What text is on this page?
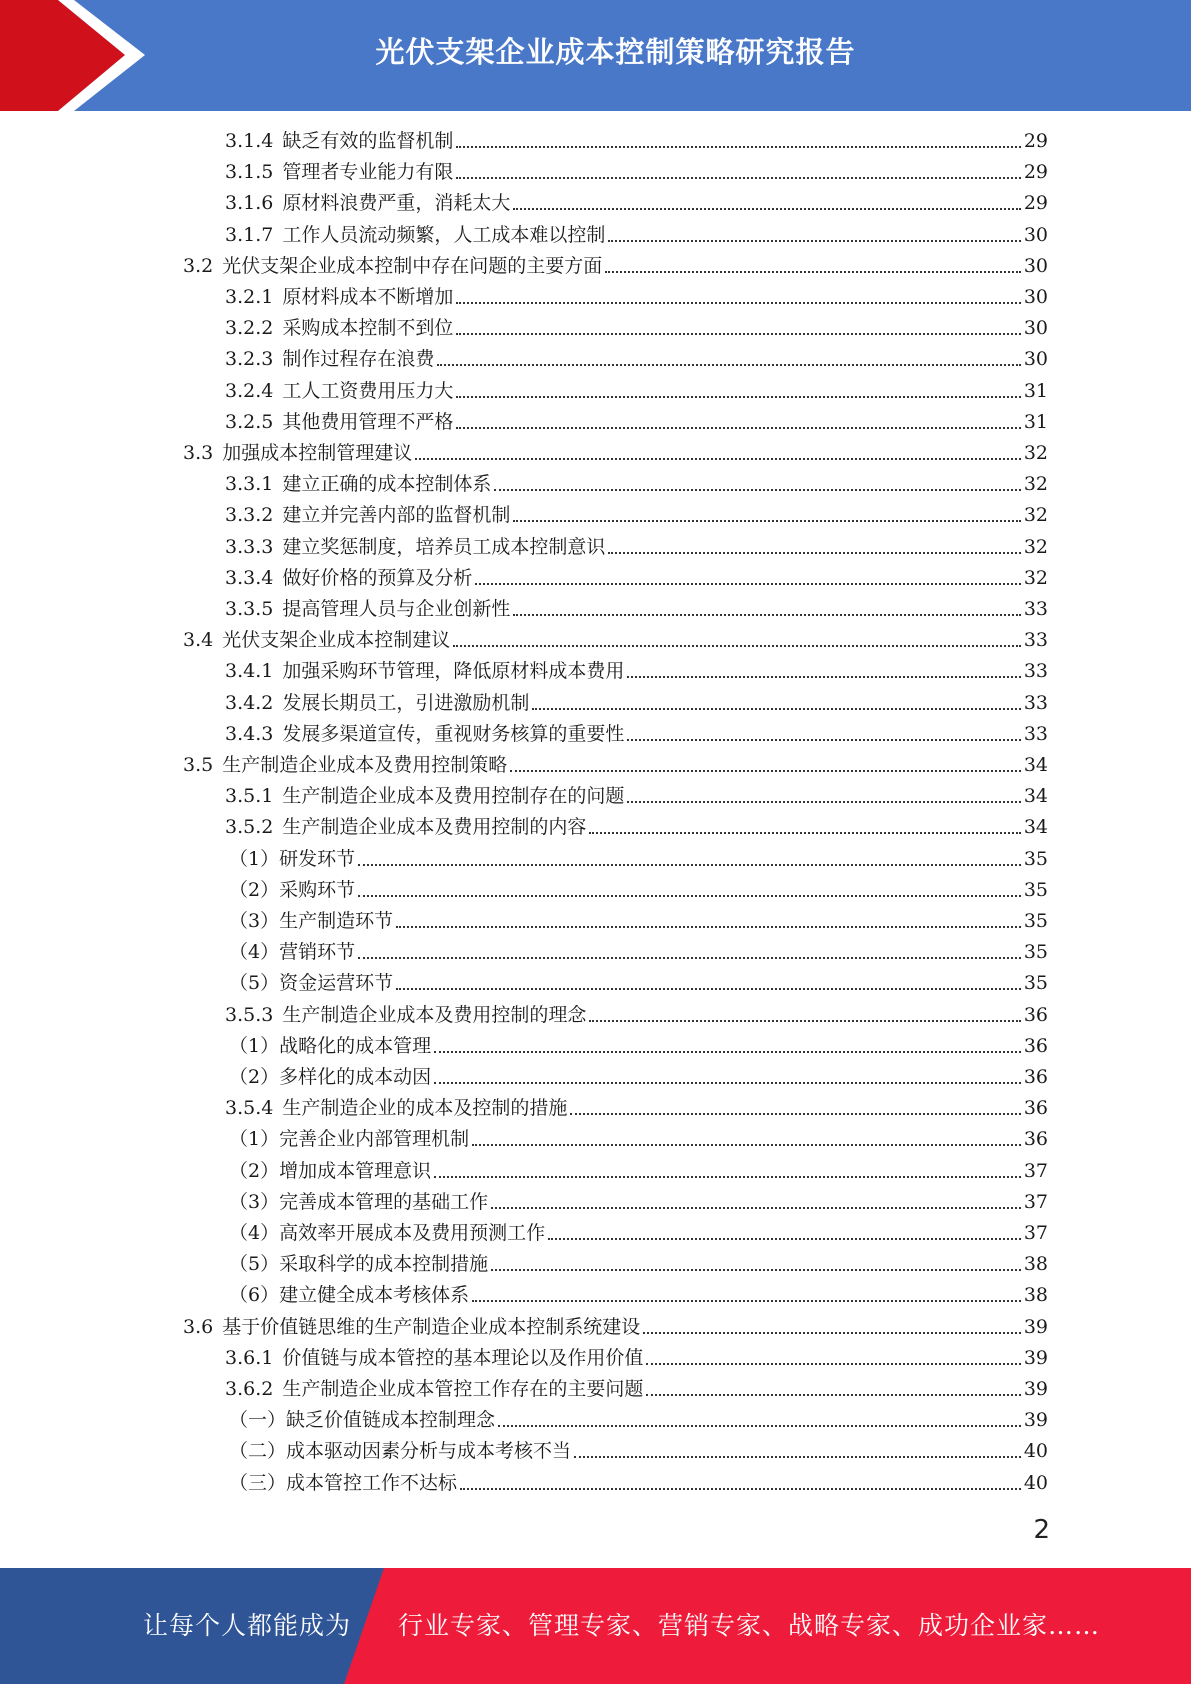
光伏支架企业成本控制策略研究报告
3.1.4 缺乏有效的监督机制	29
3.1.5 管理者专业能力有限	29
3.1.6 原材料浪费严重，消耗太大	29
3.1.7 工作人员流动频繁，人工成本难以控制	30
3.2 光伏支架企业成本控制中存在问题的主要方面	30
3.2.1 原材料成本不断增加	30
3.2.2 采购成本控制不到位	30
3.2.3 制作过程存在浪费	30
3.2.4 工人工资费用压力大	31
3.2.5 其他费用管理不严格	31
3.3 加强成本控制管理建议	32
3.3.1 建立正确的成本控制体系	32
3.3.2 建立并完善内部的监督机制	32
3.3.3 建立奖惩制度，培养员工成本控制意识	32
3.3.4 做好价格的预算及分析	32
3.3.5 提高管理人员与企业创新性	33
3.4 光伏支架企业成本控制建议	33
3.4.1 加强采购环节管理，降低原材料成本费用	33
3.4.2 发展长期员工，引进激励机制	33
3.4.3 发展多渠道宣传，重视财务核算的重要性	33
3.5 生产制造企业成本及费用控制策略	34
3.5.1 生产制造企业成本及费用控制存在的问题	34
3.5.2 生产制造企业成本及费用控制的内容	34
（1）研发环节	35
（2）采购环节	35
（3）生产制造环节	35
（4）营销环节	35
（5）资金运营环节	35
3.5.3 生产制造企业成本及费用控制的理念	36
（1）战略化的成本管理	36
（2）多样化的成本动因	36
3.5.4 生产制造企业的成本及控制的措施	36
（1）完善企业内部管理机制	36
（2）增加成本管理意识	37
（3）完善成本管理的基础工作	37
（4）高效率开展成本及费用预测工作	37
（5）采取科学的成本控制措施	38
（6）建立健全成本考核体系	38
3.6 基于价值链思维的生产制造企业成本控制系统建设	39
3.6.1 价值链与成本管控的基本理论以及作用价值	39
3.6.2 生产制造企业成本管控工作存在的主要问题	39
（一）缺乏价值链成本控制理念	39
（二）成本驱动因素分析与成本考核不当	40
（三）成本管控工作不达标	40
2
让每个人都能成为 行业专家、管理专家、营销专家、战略专家、成功企业家……
